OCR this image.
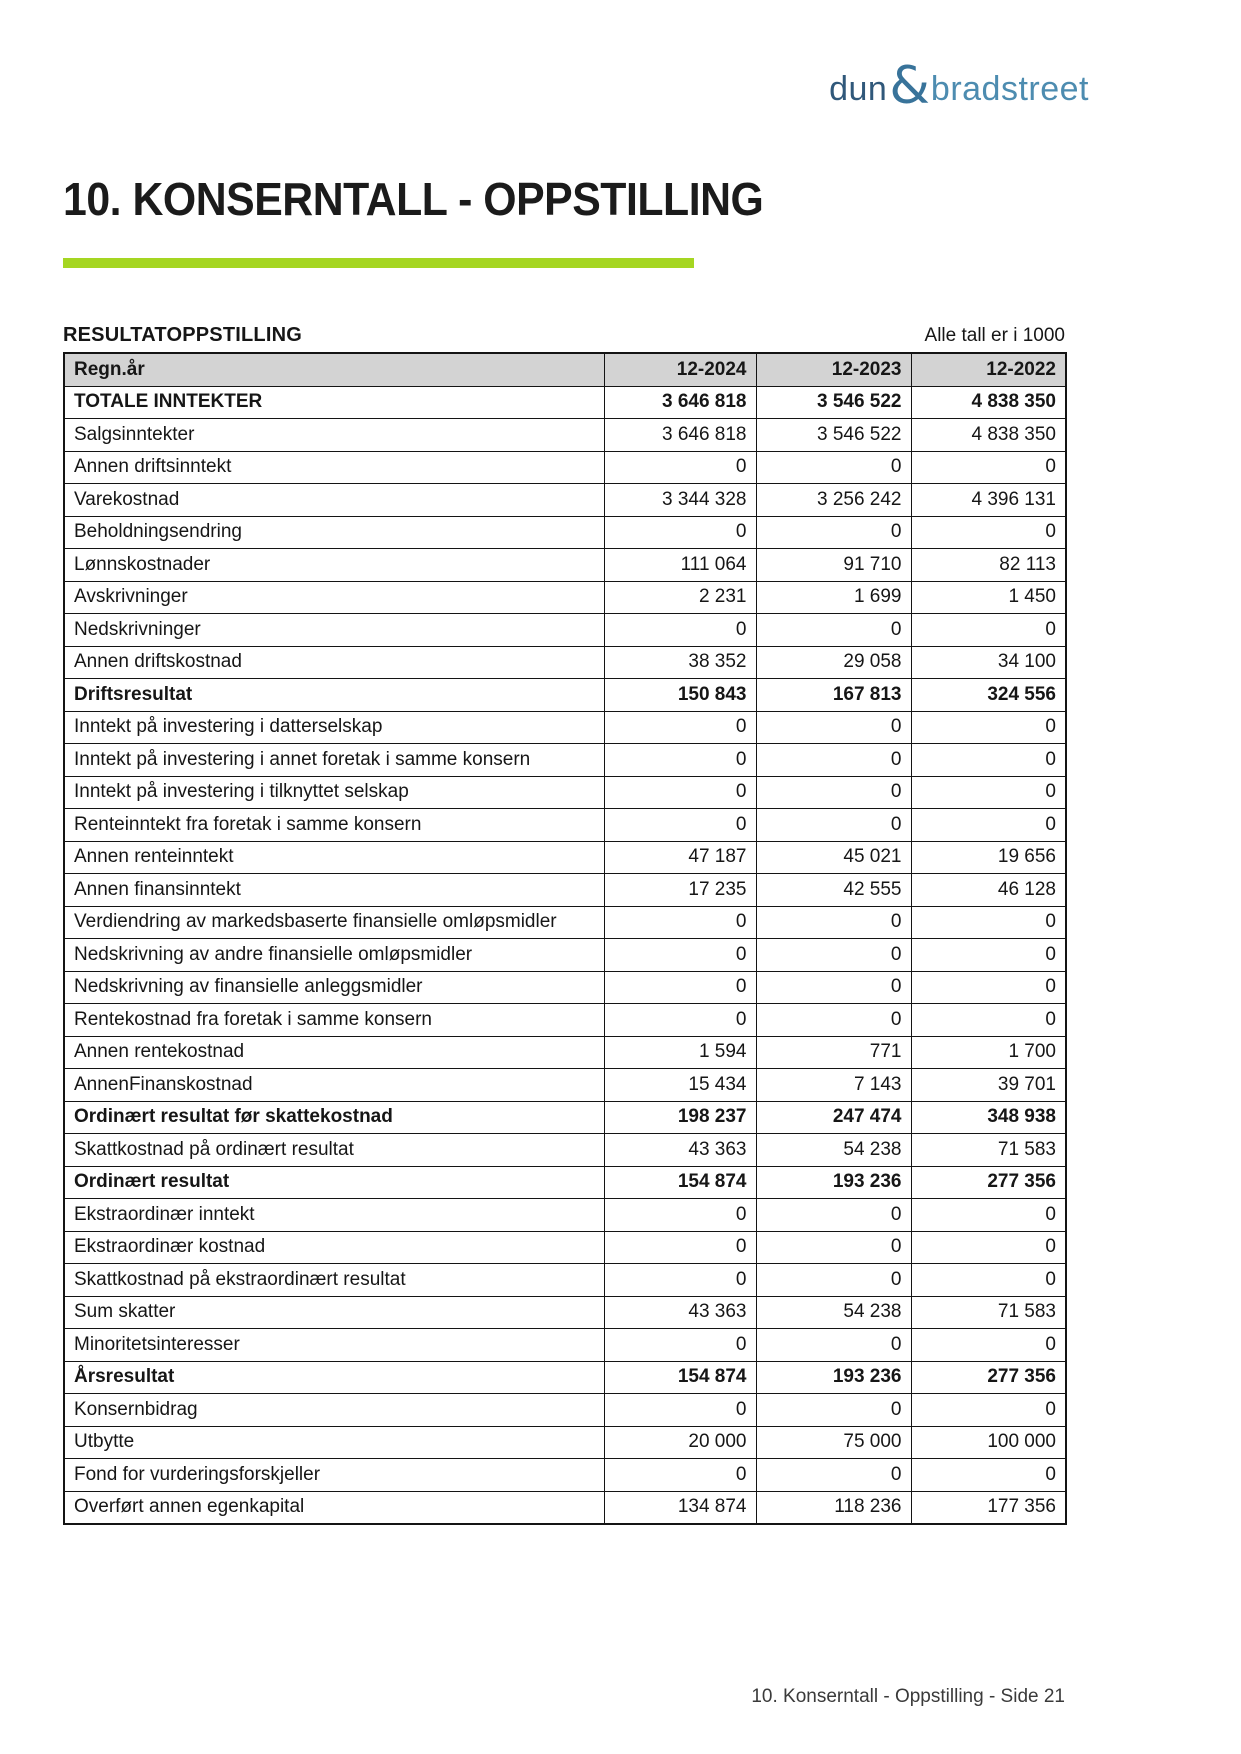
dun & bradstreet
10. KONSERNTALL - OPPSTILLING
RESULTATOPPSTILLING	Alle tall er i 1000
Regn.år	12-2024	12-2023	12-2022
TOTALE INNTEKTER	3 646 818	3 546 522	4 838 350
Salgsinntekter	3 646 818	3 546 522	4 838 350
Annen driftsinntekt	0	0	0
Varekostnad	3 344 328	3 256 242	4 396 131
Beholdningsendring	0	0	0
Lønnskostnader	111 064	91 710	82 113
Avskrivninger	2 231	1 699	1 450
Nedskrivninger	0	0	0
Annen driftskostnad	38 352	29 058	34 100
Driftsresultat	150 843	167 813	324 556
Inntekt på investering i datterselskap	0	0	0
Inntekt på investering i annet foretak i samme konsern	0	0	0
Inntekt på investering i tilknyttet selskap	0	0	0
Renteinntekt fra foretak i samme konsern	0	0	0
Annen renteinntekt	47 187	45 021	19 656
Annen finansinntekt	17 235	42 555	46 128
Verdiendring av markedsbaserte finansielle omløpsmidler	0	0	0
Nedskrivning av andre finansielle omløpsmidler	0	0	0
Nedskrivning av finansielle anleggsmidler	0	0	0
Rentekostnad fra foretak i samme konsern	0	0	0
Annen rentekostnad	1 594	771	1 700
AnnenFinanskostnad	15 434	7 143	39 701
Ordinært resultat før skattekostnad	198 237	247 474	348 938
Skattkostnad på ordinært resultat	43 363	54 238	71 583
Ordinært resultat	154 874	193 236	277 356
Ekstraordinær inntekt	0	0	0
Ekstraordinær kostnad	0	0	0
Skattkostnad på ekstraordinært resultat	0	0	0
Sum skatter	43 363	54 238	71 583
Minoritetsinteresser	0	0	0
Årsresultat	154 874	193 236	277 356
Konsernbidrag	0	0	0
Utbytte	20 000	75 000	100 000
Fond for vurderingsforskjeller	0	0	0
Overført annen egenkapital	134 874	118 236	177 356
10. Konserntall - Oppstilling - Side 21
